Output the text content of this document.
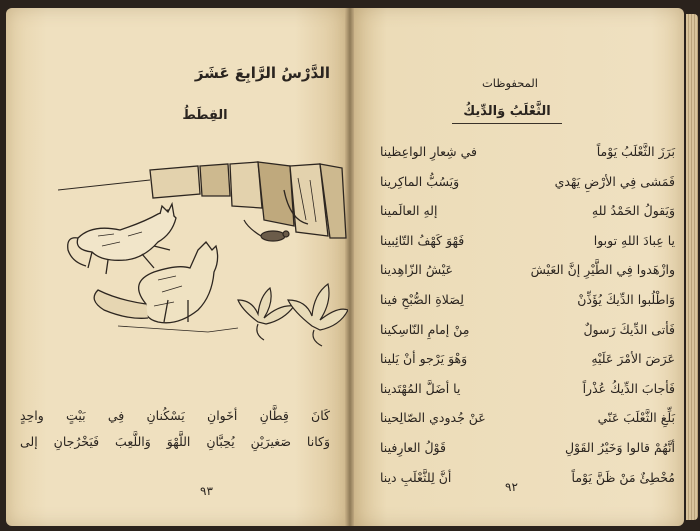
الدَّرْسُ الرَّابِعَ عَشَرَ
القِطَطُ
كَانَ قِطَّانِ أخَوانِ يَسْكُنانِ فِي بَيْتٍ واحِدٍ
وَكانا صَغيرَيْنِ يُحِبَّانِ اللَّهْوَ وَاللَّعِبَ فَيَخْرُجانِ إلى
٩٣
المحفوظات
الثَّعْلَبُ وَالدِّيكُ
بَرَزَ الثَّعْلَبُ يَوْماً
في شِعارِ الواعِظينا
فَمَشى فِي الأرْضِ يَهْدي
وَيَسُبُّ الماكِرينا
وَيَقولُ الحَمْدُ للهِ
إلهِ العالَمينا
يا عِبادَ اللهِ توبوا
فَهْوَ كَهْفُ التّائِبينا
وازْهَدوا فِي الطَّيْرِ إنَّ العَيْشَ
عَيْشُ الزّاهِدينا
وَاطْلُبوا الدِّيكَ يُؤَذِّنْ
لِصَلاةِ الصُّبْحِ فينا
فَأتى الدِّيكَ رَسولٌ
مِنْ إمامِ النّاسِكينا
عَرَضَ الأمْرَ عَلَيْهِ
وَهْوَ يَرْجو أنْ يَلينا
فَأجابَ الدِّيكُ عُذْراً
يا أضَلَّ المُهْتَدينا
بَلِّغِ الثَّعْلَبَ عَنّي
عَنْ جُدودي الصّالِحينا
أنَّهُمْ قالوا وَخَيْرُ القَوْلِ
قَوْلُ العارِفينا
مُخْطِئٌ مَنْ ظَنَّ يَوْماً
أنَّ لِلثَّعْلَبِ دينا
٩٢
